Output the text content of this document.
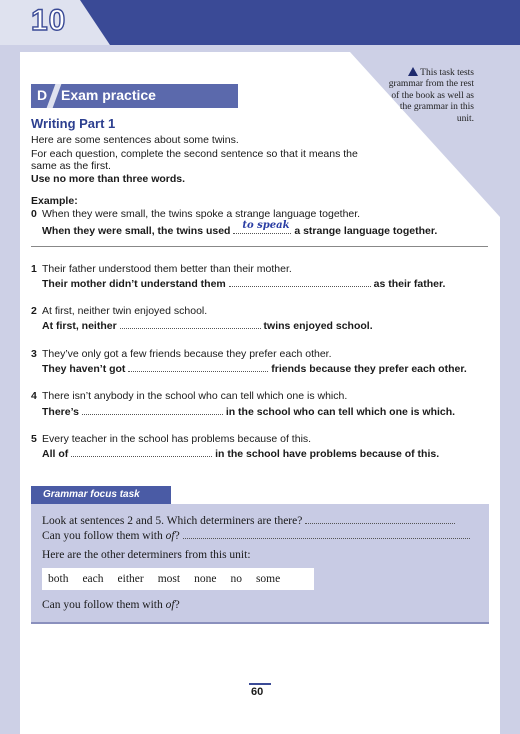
10
This task tests grammar from the rest of the book as well as the grammar in this unit.
D Exam practice
Writing Part 1
Here are some sentences about some twins.
For each question, complete the second sentence so that it means the
same as the first.
Use no more than three words.
Example:
0 When they were small, the twins spoke a strange language together.
When they were small, the twins used to speak a strange language together.
1 Their father understood them better than their mother.
Their mother didn’t understand them	as their father.
2 At first, neither twin enjoyed school.
At first, neither	twins enjoyed school.
3 They’ve only got a few friends because they prefer each other.
They haven’t got	friends because they prefer each other.
4 There isn’t anybody in the school who can tell which one is which.
There’s	in the school who can tell which one is which.
5 Every teacher in the school has problems because of this.
All of	in the school have problems because of this.
Grammar focus task
Look at sentences 2 and 5. Which determiners are there?
Can you follow them with of?
Here are the other determiners from this unit:
both each either most none no some
Can you follow them with of?
60
